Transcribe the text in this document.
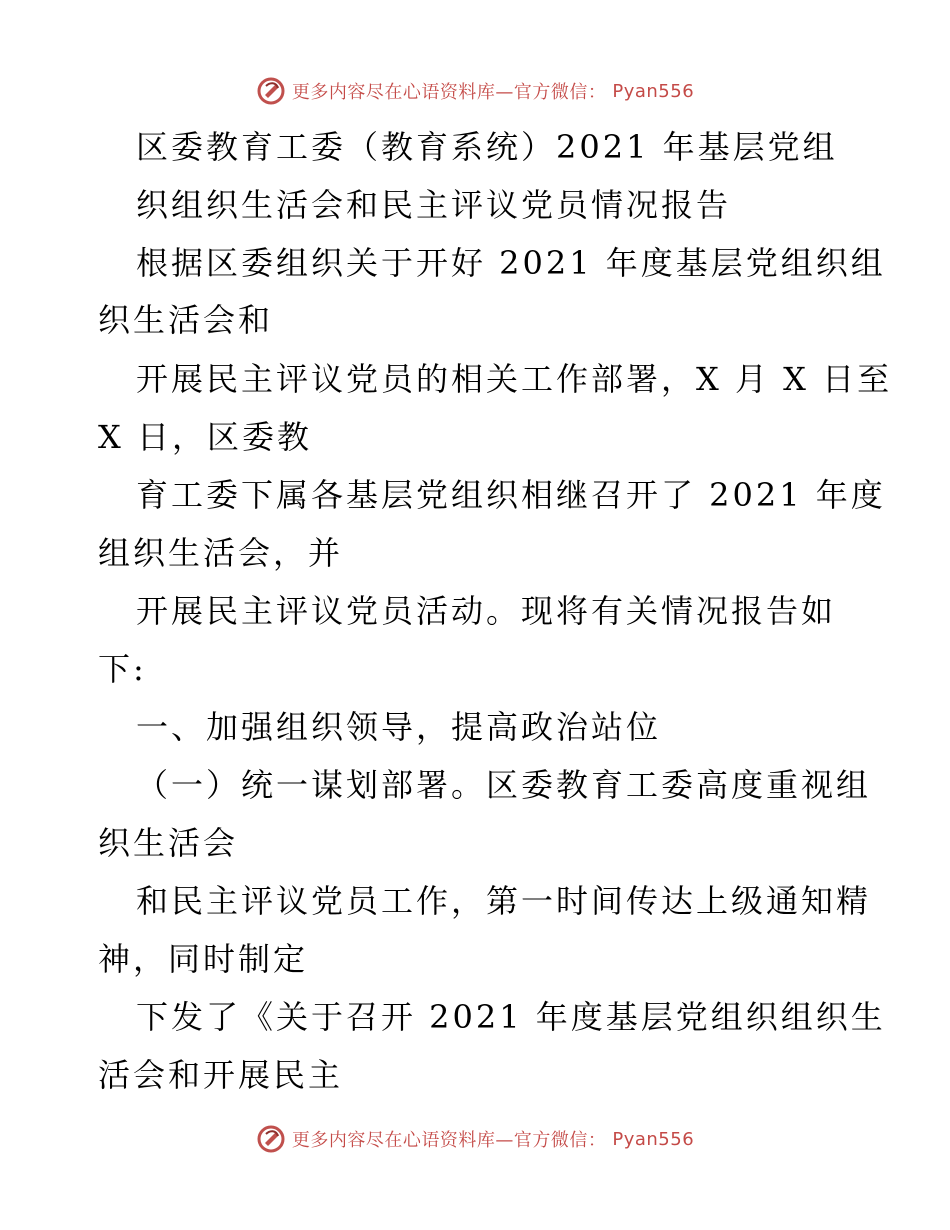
更多内容尽在心语资料库—官方微信： Pyan556
区委教育工委（教育系统）2021 年基层党组
织组织生活会和民主评议党员情况报告
根据区委组织关于开好 2021 年度基层党组织组
织生活会和
开展民主评议党员的相关工作部署，X 月 X 日至
X 日，区委教
育工委下属各基层党组织相继召开了 2021 年度
组织生活会，并
开展民主评议党员活动。现将有关情况报告如
下:
一、加强组织领导，提高政治站位
（一）统一谋划部署。区委教育工委高度重视组
织生活会
和民主评议党员工作，第一时间传达上级通知精
神，同时制定
下发了《关于召开 2021 年度基层党组织组织生
活会和开展民主
更多内容尽在心语资料库—官方微信： Pyan556
